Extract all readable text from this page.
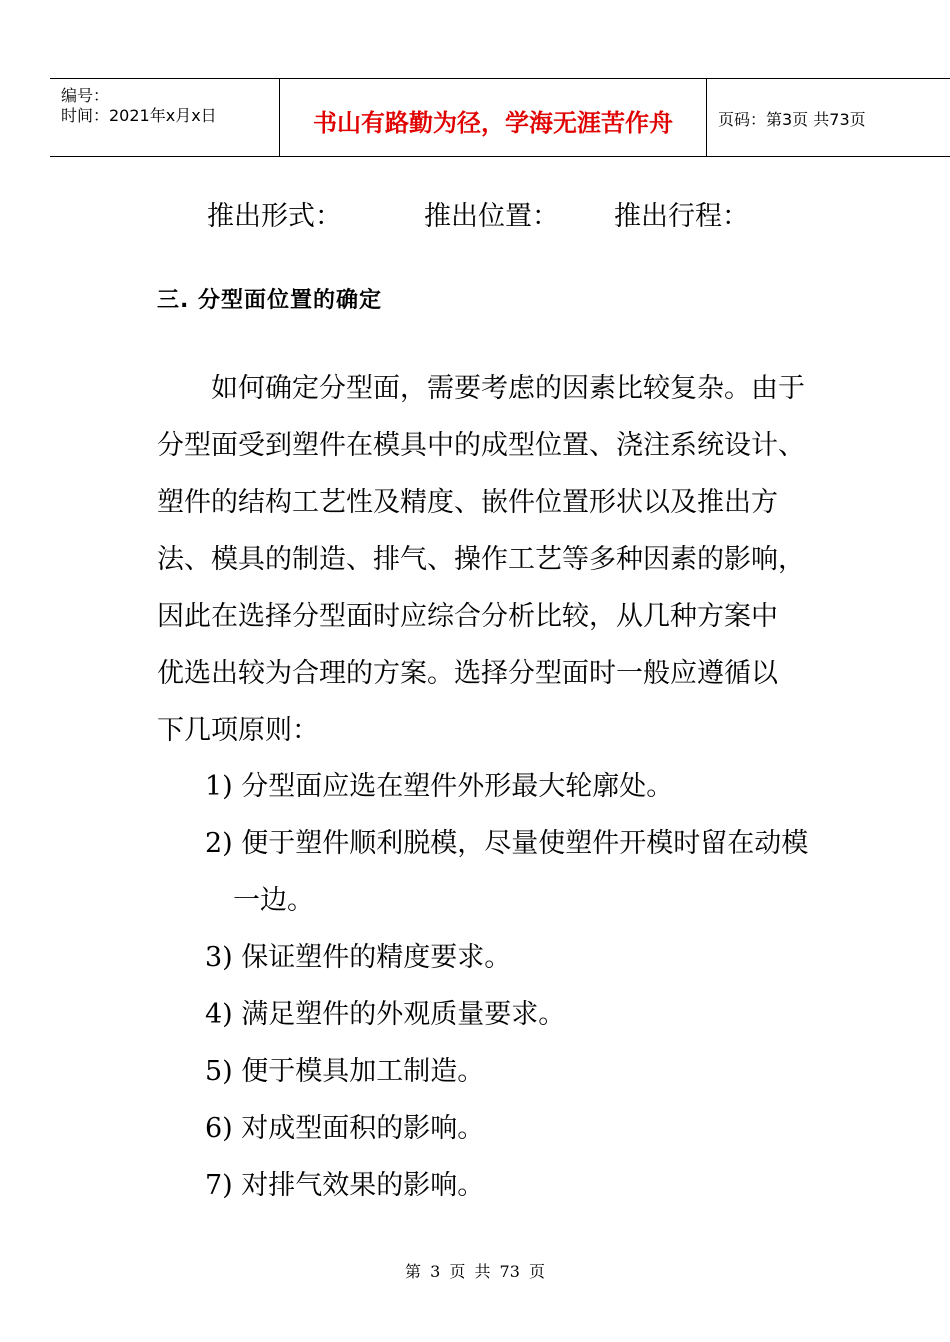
编号：
时间：2021年x月x日	书山有路勤为径，学海无涯苦作舟	页码：第3页 共73页
推出形式：	推出位置： 推出行程：
三. 分型面位置的确定
　　如何确定分型面，需要考虑的因素比较复杂。由于
分型面受到塑件在模具中的成型位置、浇注系统设计、
塑件的结构工艺性及精度、嵌件位置形状以及推出方
法、模具的制造、排气、操作工艺等多种因素的影响，
因此在选择分型面时应综合分析比较，从几种方案中
优选出较为合理的方案。选择分型面时一般应遵循以
下几项原则：
1) 分型面应选在塑件外形最大轮廓处。
2) 便于塑件顺利脱模，尽量使塑件开模时留在动模
一边。
3) 保证塑件的精度要求。
4) 满足塑件的外观质量要求。
5) 便于模具加工制造。
6) 对成型面积的影响。
7) 对排气效果的影响。
第 3 页 共 73 页
